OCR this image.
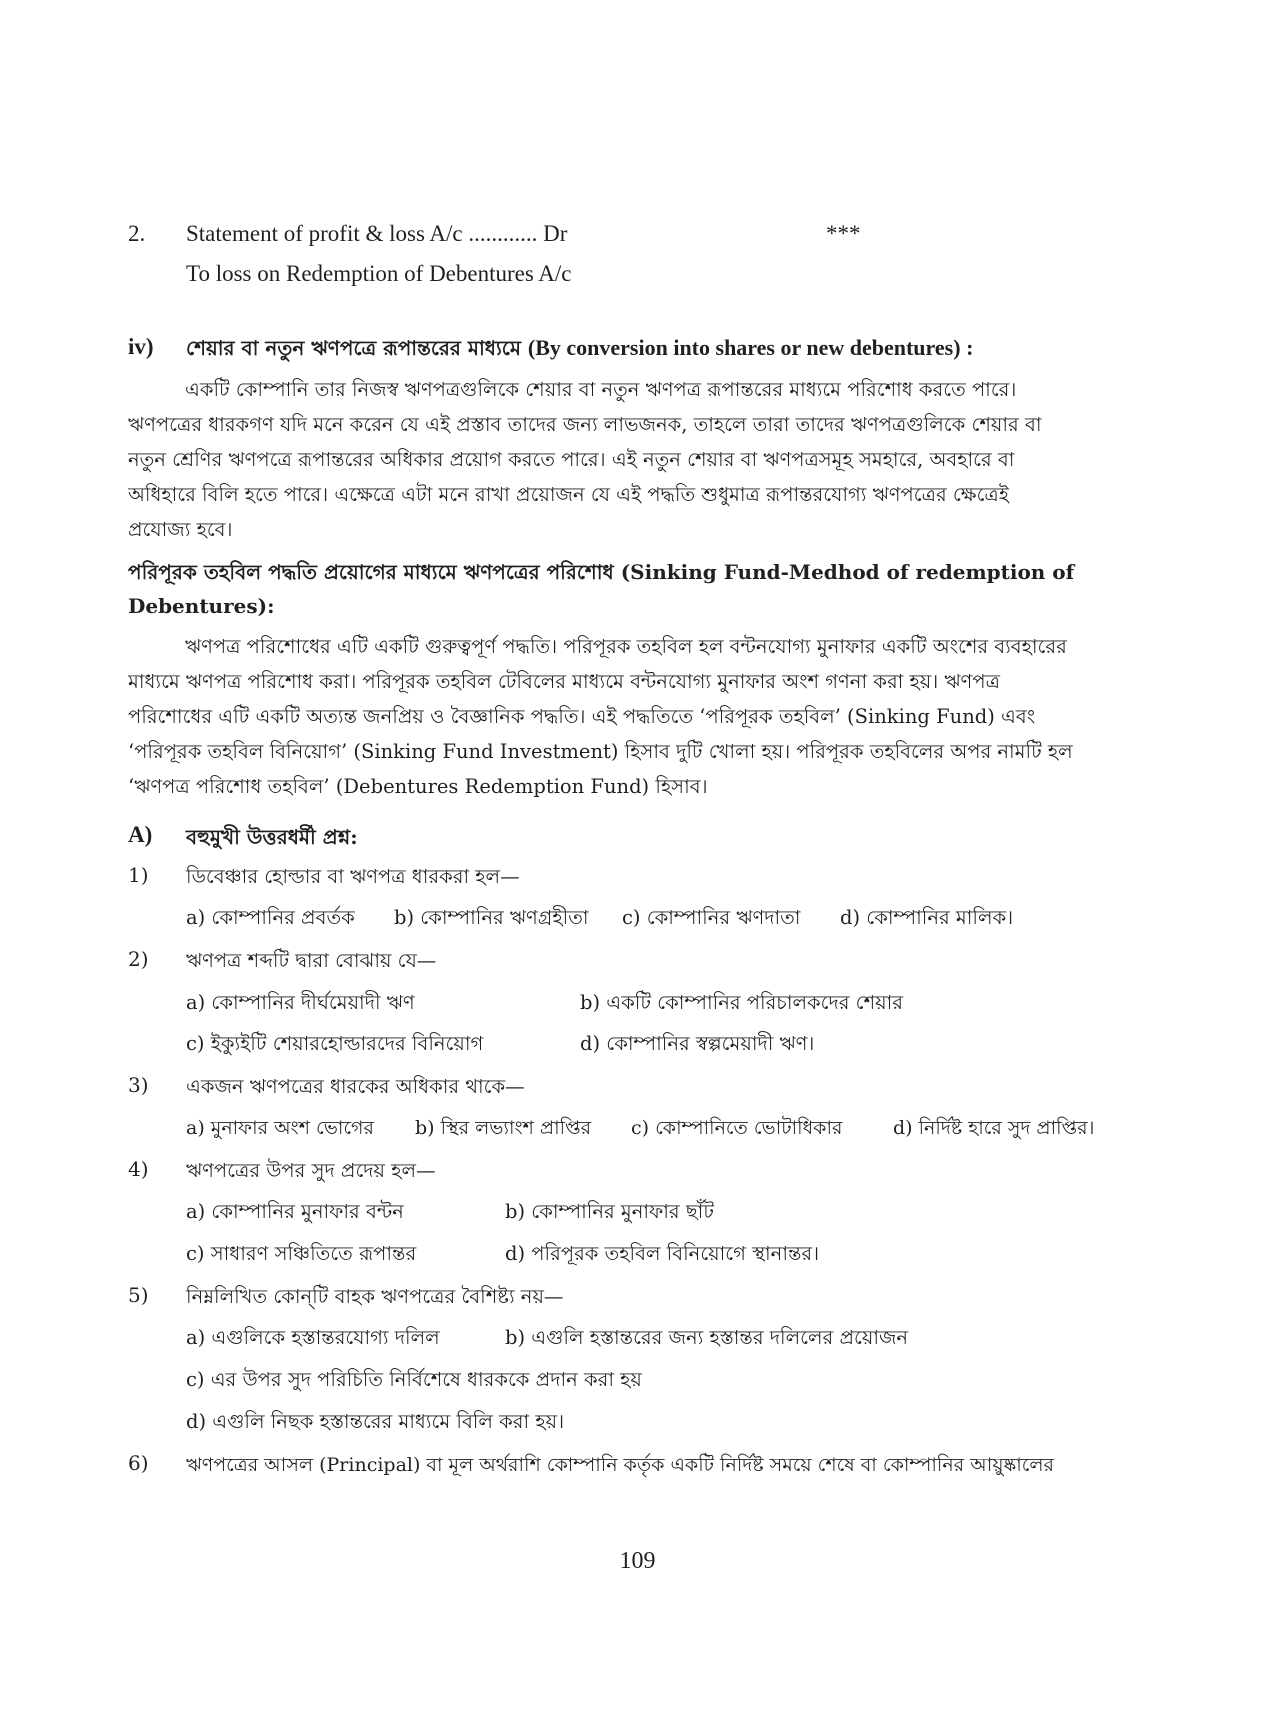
2. Statement of profit & loss A/c ............ Dr	***
To loss on Redemption of Debentures A/c
iv) শেয়ার বা নতুন ঋণপত্রে রূপান্তরের মাধ্যমে (By conversion into shares or new debentures) :
একটি কোম্পানি তার নিজস্ব ঋণপত্রগুলিকে শেয়ার বা নতুন ঋণপত্র রূপান্তরের মাধ্যমে পরিশোধ করতে পারে।
ঋণপত্রের ধারকগণ যদি মনে করেন যে এই প্রস্তাব তাদের জন্য লাভজনক, তাহলে তারা তাদের ঋণপত্রগুলিকে শেয়ার বা
নতুন শ্রেণির ঋণপত্রে রূপান্তরের অধিকার প্রয়োগ করতে পারে। এই নতুন শেয়ার বা ঋণপত্রসমূহ সমহারে, অবহারে বা
অধিহারে বিলি হতে পারে। এক্ষেত্রে এটা মনে রাখা প্রয়োজন যে এই পদ্ধতি শুধুমাত্র রূপান্তরযোগ্য ঋণপত্রের ক্ষেত্রেই
প্রযোজ্য হবে।
পরিপূরক তহবিল পদ্ধতি প্রয়োগের মাধ্যমে ঋণপত্রের পরিশোধ (Sinking Fund-Medhod of redemption of
Debentures):
ঋণপত্র পরিশোধের এটি একটি গুরুত্বপূর্ণ পদ্ধতি। পরিপূরক তহবিল হল বন্টনযোগ্য মুনাফার একটি অংশের ব্যবহারের
মাধ্যমে ঋণপত্র পরিশোধ করা। পরিপূরক তহবিল টেবিলের মাধ্যমে বন্টনযোগ্য মুনাফার অংশ গণনা করা হয়। ঋণপত্র
পরিশোধের এটি একটি অত্যন্ত জনপ্রিয় ও বৈজ্ঞানিক পদ্ধতি। এই পদ্ধতিতে ‘পরিপূরক তহবিল’ (Sinking Fund) এবং
‘পরিপূরক তহবিল বিনিয়োগ’ (Sinking Fund Investment) হিসাব দুটি খোলা হয়। পরিপূরক তহবিলের অপর নামটি হল
‘ঋণপত্র পরিশোধ তহবিল’ (Debentures Redemption Fund) হিসাব।
A) বহুমুখী উত্তরধর্মী প্রশ্ন:
1) ডিবেঞ্চার হোল্ডার বা ঋণপত্র ধারকরা হল—
a) কোম্পানির প্রবর্তক b) কোম্পানির ঋণগ্রহীতা c) কোম্পানির ঋণদাতা d) কোম্পানির মালিক।
2) ঋণপত্র শব্দটি দ্বারা বোঝায় যে—
a) কোম্পানির দীর্ঘমেয়াদী ঋণ	b) একটি কোম্পানির পরিচালকদের শেয়ার
c) ইক্যুইটি শেয়ারহোল্ডারদের বিনিয়োগ	d) কোম্পানির স্বল্পমেয়াদী ঋণ।
3) একজন ঋণপত্রের ধারকের অধিকার থাকে—
a) মুনাফার অংশ ভোগের b) স্থির লভ্যাংশ প্রাপ্তির c) কোম্পানিতে ভোটাধিকার	d) নির্দিষ্ট হারে সুদ প্রাপ্তির।
4) ঋণপত্রের উপর সুদ প্রদেয় হল—
a) কোম্পানির মুনাফার বন্টন	b) কোম্পানির মুনাফার ছাঁট
c) সাধারণ সঞ্চিতিতে রূপান্তর	d) পরিপূরক তহবিল বিনিয়োগে স্থানান্তর।
5) নিম্নলিখিত কোন্‌টি বাহক ঋণপত্রের বৈশিষ্ট্য নয়—
a) এগুলিকে হস্তান্তরযোগ্য দলিল	b) এগুলি হস্তান্তরের জন্য হস্তান্তর দলিলের প্রয়োজন
c) এর উপর সুদ পরিচিতি নির্বিশেষে ধারককে প্রদান করা হয়
d) এগুলি নিছক হস্তান্তরের মাধ্যমে বিলি করা হয়।
6) ঋণপত্রের আসল (Principal) বা মূল অর্থরাশি কোম্পানি কর্তৃক একটি নির্দিষ্ট সময়ে শেষে বা কোম্পানির আয়ুষ্কালের
109
